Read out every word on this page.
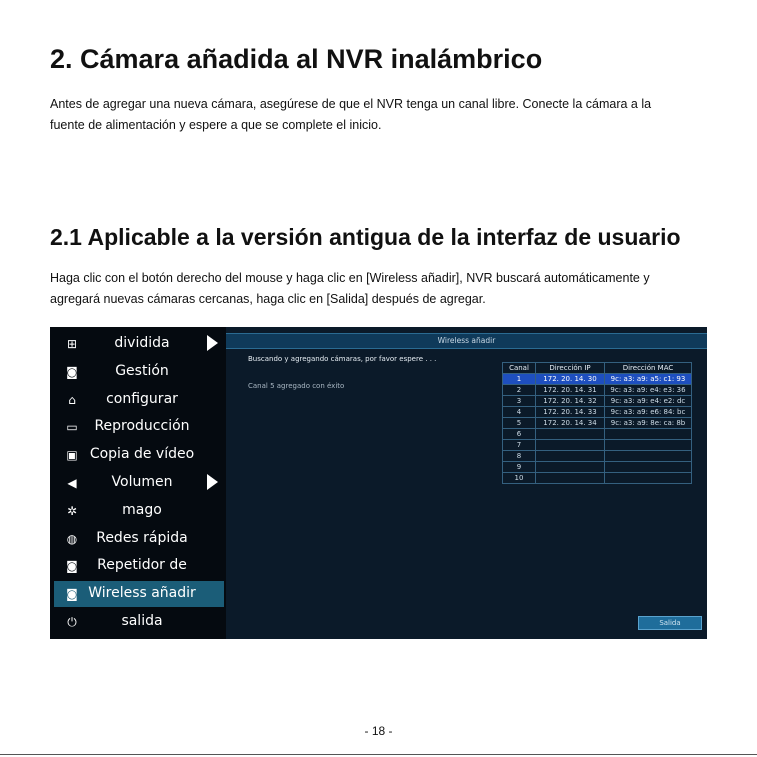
2. Cámara añadida al NVR inalámbrico
Antes de agregar una nueva cámara, asegúrese de que el NVR tenga un canal libre. Conecte la cámara a la
fuente de alimentación y espere a que se complete el inicio.
2.1 Aplicable a la versión antigua de la interfaz de usuario
Haga clic con el botón derecho del mouse y haga clic en [Wireless añadir], NVR buscará automáticamente y
agregará nuevas cámaras cercanas, haga clic en [Salida] después de agregar.
⊞	dividida
◙	Gestión
⌂	configurar
▭	Reproducción
▣ Copia de vídeo
◀	Volumen
✲	mago
◍	Redes rápida
◙	Repetidor de
◙ Wireless añadir
⏻	salida
Wireless añadir
Buscando y agregando cámaras, por favor espere . . .
Canal 5 agregado con éxito
Canal	Dirección IP	Dirección MAC
1	172. 20. 14. 30	9c: a3: a9: a5: c1: 93
2	172. 20. 14. 31	9c: a3: a9: e4: e3: 36
3	172. 20. 14. 32	9c: a3: a9: e4: e2: dc
4	172. 20. 14. 33	9c: a3: a9: e6: 84: bc
5	172. 20. 14. 34	9c: a3: a9: 8e: ca: 8b
6		
7		
8		
9		
10		
Salida
- 18 -
